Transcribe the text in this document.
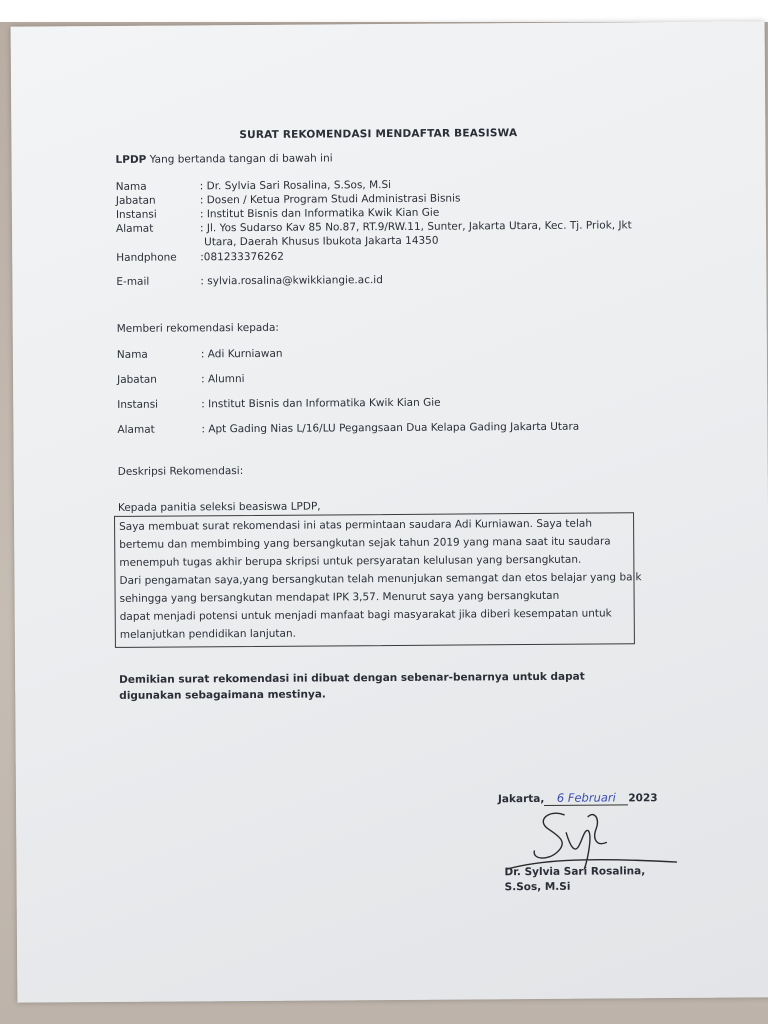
SURAT REKOMENDASI MENDAFTAR BEASISWA
LPDP Yang bertanda tangan di bawah ini
Nama	: Dr. Sylvia Sari Rosalina, S.Sos, M.Si
Jabatan	: Dosen / Ketua Program Studi Administrasi Bisnis
Instansi	: Institut Bisnis dan Informatika Kwik Kian Gie
Alamat	: Jl. Yos Sudarso Kav 85 No.87, RT.9/RW.11, Sunter, Jakarta Utara, Kec. Tj. Priok, Jkt
Utara, Daerah Khusus Ibukota Jakarta 14350
Handphone	:081233376262
E-mail	: sylvia.rosalina@kwikkiangie.ac.id
Memberi rekomendasi kepada:
Nama	: Adi Kurniawan
Jabatan	: Alumni
Instansi	: Institut Bisnis dan Informatika Kwik Kian Gie
Alamat	: Apt Gading Nias L/16/LU Pegangsaan Dua Kelapa Gading Jakarta Utara
Deskripsi Rekomendasi:
Kepada panitia seleksi beasiswa LPDP,
Saya membuat surat rekomendasi ini atas permintaan saudara Adi Kurniawan. Saya telah
bertemu dan membimbing yang bersangkutan sejak tahun 2019 yang mana saat itu saudara
menempuh tugas akhir berupa skripsi untuk persyaratan kelulusan yang bersangkutan.
Dari pengamatan saya,yang bersangkutan telah menunjukan semangat dan etos belajar yang baik
sehingga yang bersangkutan mendapat IPK 3,57. Menurut saya yang bersangkutan
dapat menjadi potensi untuk menjadi manfaat bagi masyarakat jika diberi kesempatan untuk
melanjutkan pendidikan lanjutan.
Demikian surat rekomendasi ini dibuat dengan sebenar-benarnya untuk dapat
digunakan sebagaimana mestinya.
Jakarta, 6 Februari 2023
Dr. Sylvia Sari Rosalina,
S.Sos, M.Si
